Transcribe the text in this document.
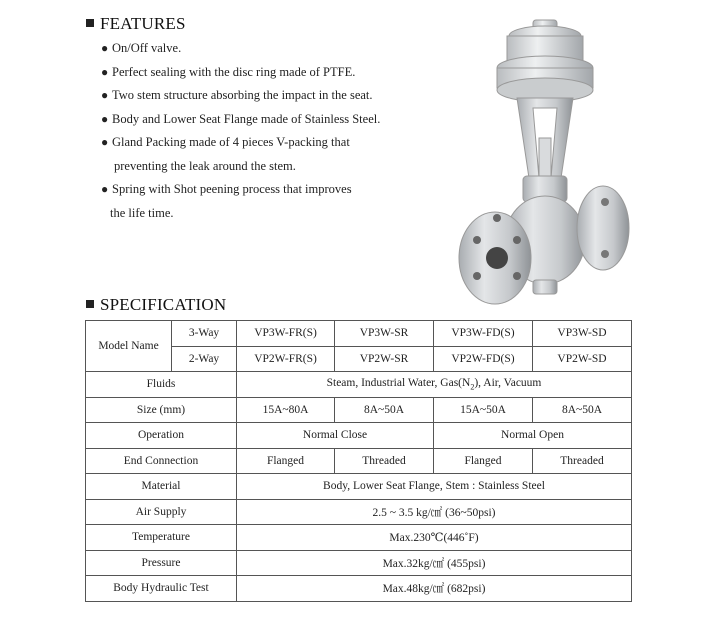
FEATURES
● On/Off valve.
● Perfect sealing with the disc ring made of PTFE.
● Two stem structure absorbing the impact in the seat.
● Body and Lower Seat Flange made of Stainless Steel.
● Gland Packing made of 4 pieces V-packing that
preventing the leak around the stem.
● Spring with Shot peening process that improves
the life time.
SPECIFICATION
Model Name	3-Way	VP3W-FR(S)	VP3W-SR	VP3W-FD(S)	VP3W-SD
	2-Way	VP2W-FR(S)	VP2W-SR	VP2W-FD(S)	VP2W-SD
Fluids		Steam, Industrial Water, $Gas(N_2)$, Air, Vacuum			
Size (mm)		15A~80A	8A~50A	15A~50A	8A~50A
Operation		Normal Close		Normal Open	
End Connection		Flanged	Threaded	Flanged	Threaded
Material		Body, Lower Seat Flange, Stem : Stainless Steel			
Air Supply		2.5 ~ 3.5 kg/㎠ (36~50psi)			
Temperature		Max.230℃(446˚F)			
Pressure		Max.32kg/㎠ (455psi)			
Body Hydraulic Test		Max.48kg/㎠ (682psi)			
